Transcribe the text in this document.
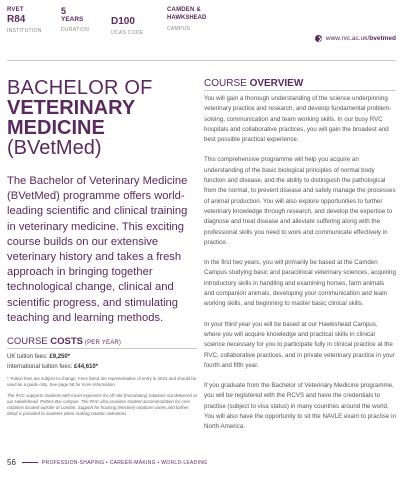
RVET
R84
INSTITUTION
5
YEARS
DURATION
D100
UCAS CODE
CAMDEN &
HAWKSHEAD
CAMPUS
www.rvc.ac.uk/ bvetmed
BACHELOR OF
VETERINARY MEDICINE
(BVetMed)
The Bachelor of Veterinary Medicine (BVetMed) programme offers world-leading scientific and clinical training in veterinary medicine. This exciting course builds on our extensive veterinary history and takes a fresh approach in bringing together technological change, clinical and scientific progress, and stimulating teaching and learning methods.
COURSE COSTS (PER YEAR)
UK tuition fees: £9,250*
International tuition fees: £44,610*
* Tuition fees are subject to change. Fees listed are representative of entry in 2024 and should be used as a guide only. See page 58 for more information.
The RVC supports students with travel expenses for off-site (mandatory) rotations not delivered at our Hawkshead, Potters Bar campus. The RVC also provides student accommodation for core rotations located outside of London. Support for housing (elective) rotations varies and further detail is provided to students when making rotation selections.
COURSE OVERVIEW

You will gain a thorough understanding of the science underpinning veterinary practice and research, and develop fundamental problem-solving, communication and team working skills. In our busy RVC hospitals and collaborative practices, you will gain the broadest and best possible practical experience.

This comprehensive programme will help you acquire an understanding of the basic biological principles of normal body function and disease, and the ability to distinguish the pathological from the normal, to prevent disease and safely manage the processes of animal production. You will also explore opportunities to further veterinary knowledge through research, and develop the expertise to diagnose and treat disease and alleviate suffering along with the professional skills you need to work and communicate effectively in practice.

In the first two years, you will primarily be based at the Camden Campus studying basic and paraclinical veterinary sciences, acquiring introductory skills in handling and examining horses, farm animals and companion animals, developing your communication and team working skills, and beginning to master basic clinical skills.

In your third year you will be based at our Hawkshead Campus, where you will acquire knowledge and practical skills in clinical science necessary for you to participate fully in clinical practice at the RVC, collaborative practices, and in private veterinary practice in your fourth and fifth year.

If you graduate from the Bachelor of Veterinary Medicine programme, you will be registered with the RCVS and have the credentials to practise (subject to visa status) in many countries around the world. You will also have the opportunity to sit the NAVLE exam to practise in North America.

56	PROFESSION-SHAPING • CAREER-MAKING • WORLD-LEADING
